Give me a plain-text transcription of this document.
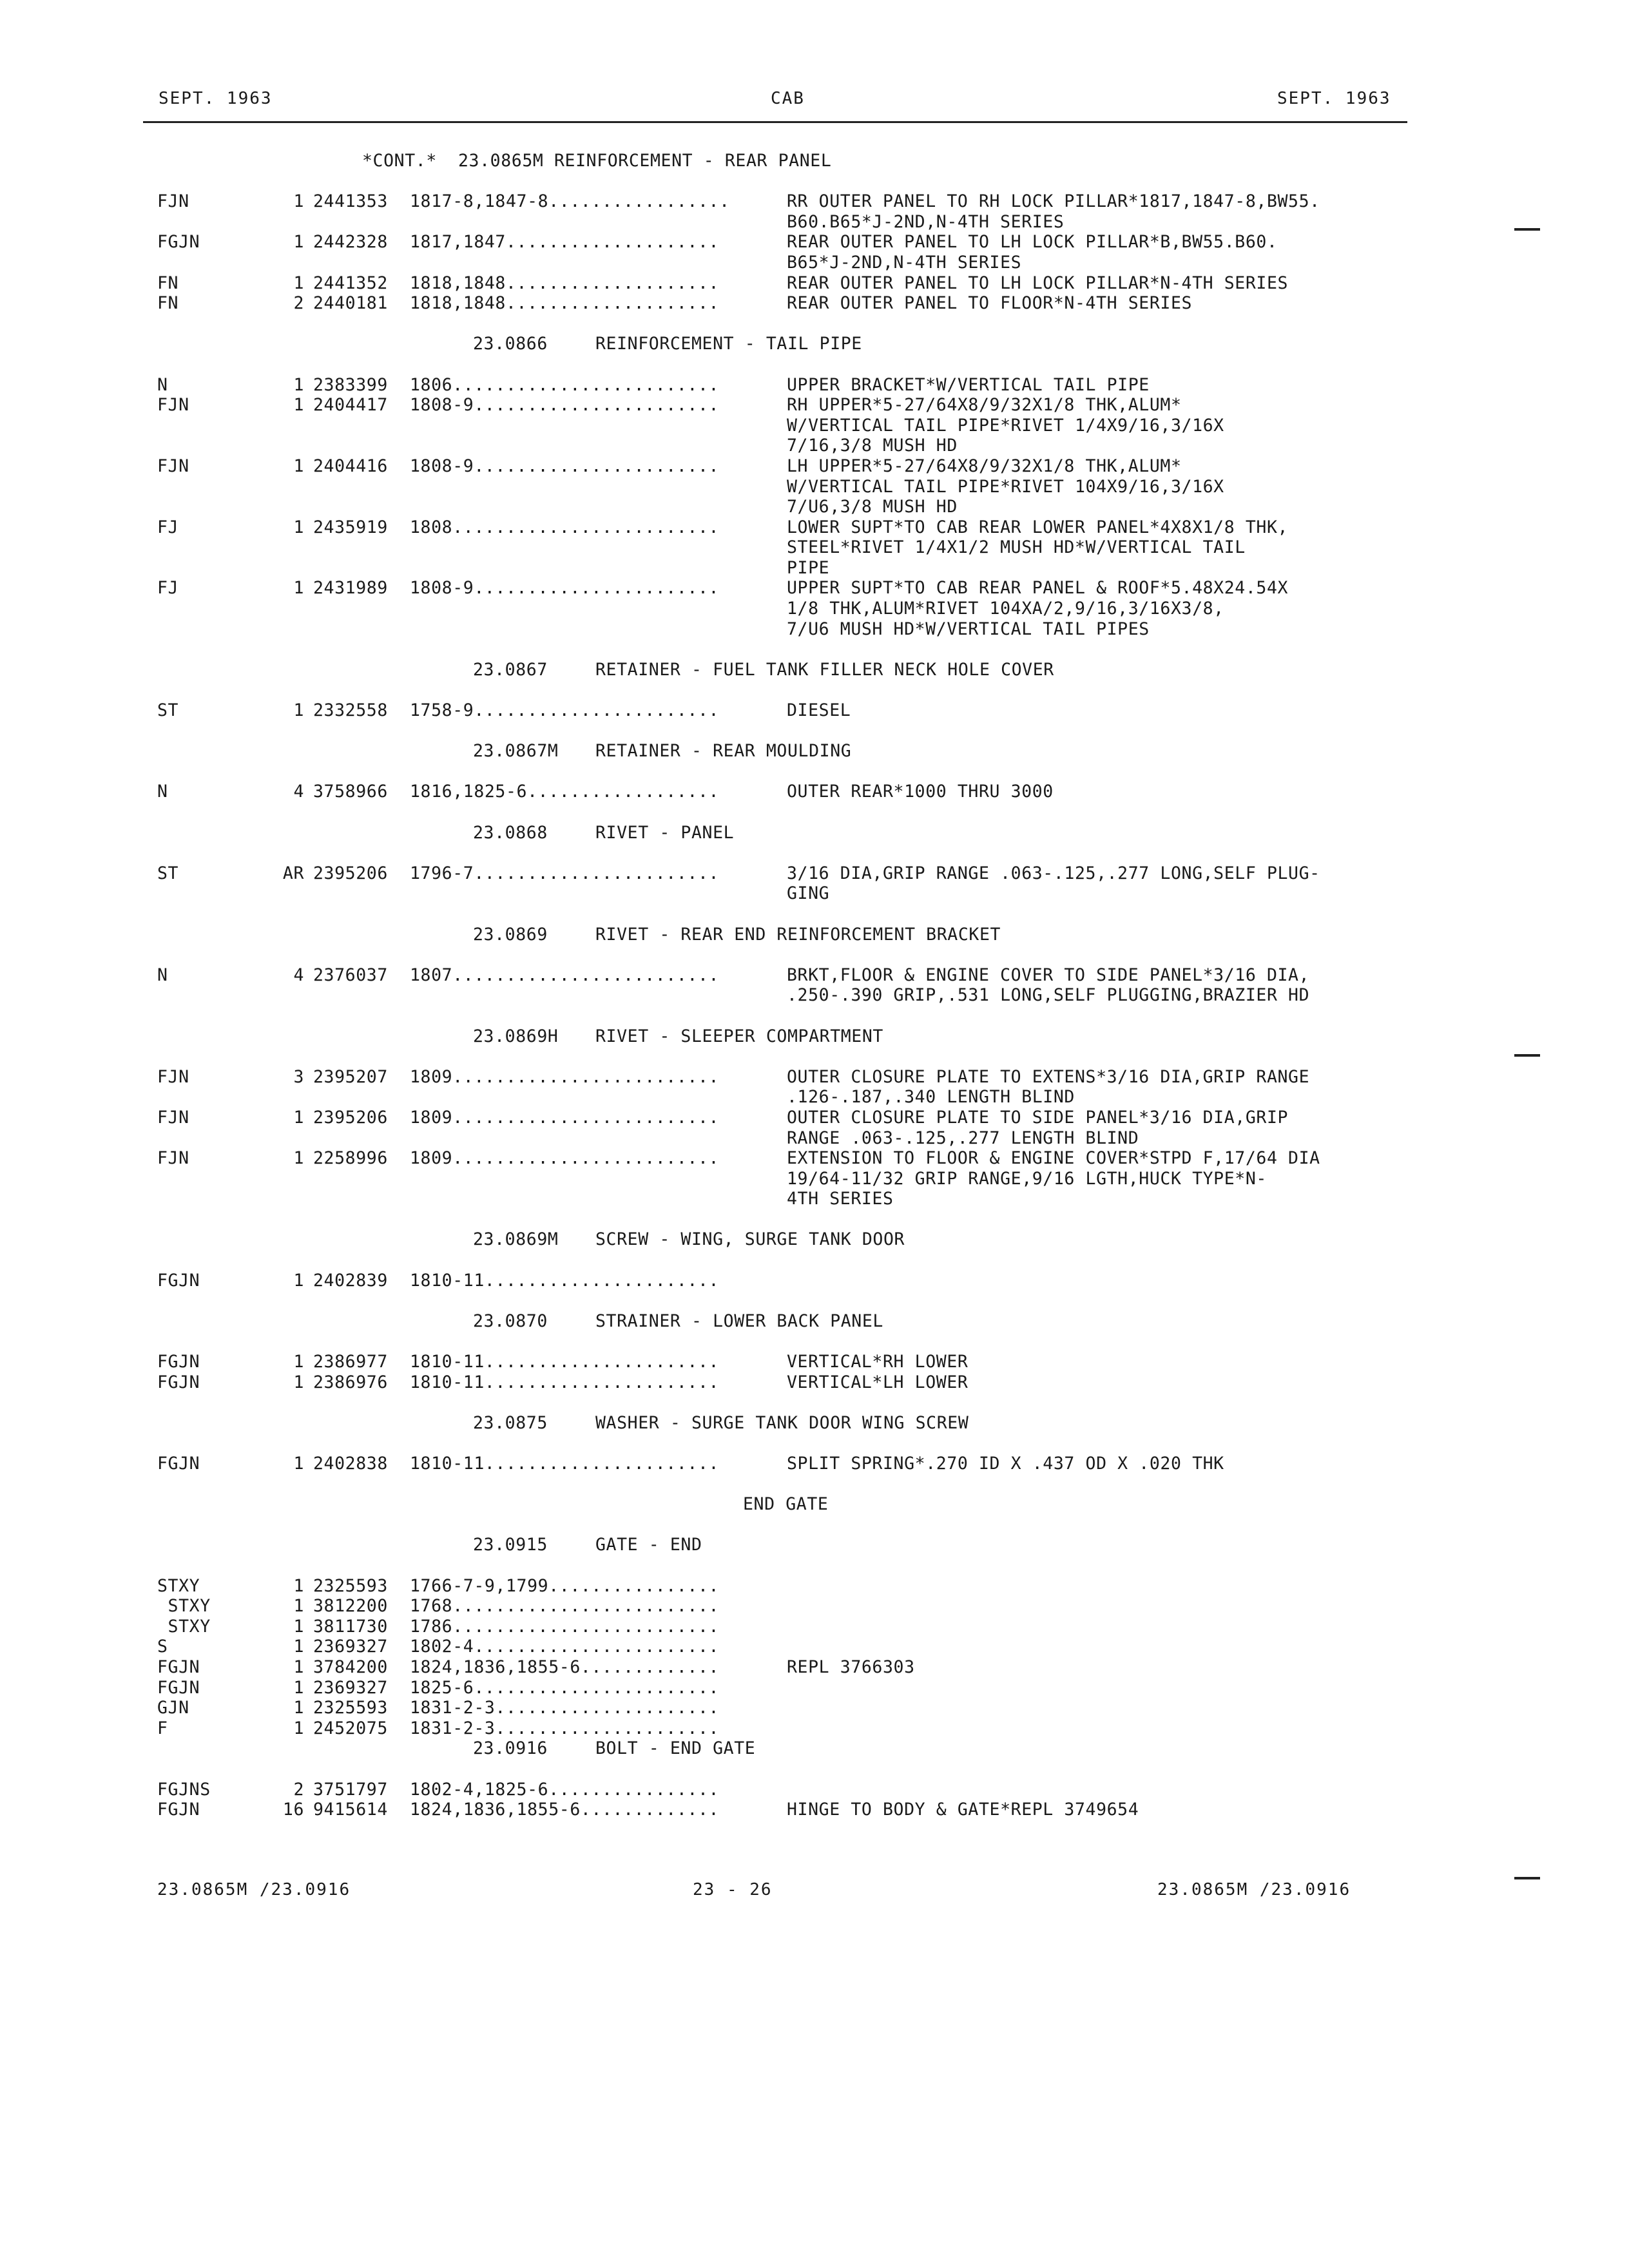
SEPT. 1963	CAB	SEPT. 1963
*CONT.*  23.0865M REINFORCEMENT - REAR PANEL
FJN	1 2441353 1817-8,1847-8.................	RR OUTER PANEL TO RH LOCK PILLAR*1817,1847-8,BW55.
B60.B65*J-2ND,N-4TH SERIES
FGJN	1 2442328 1817,1847....................	REAR OUTER PANEL TO LH LOCK PILLAR*B,BW55.B60.
B65*J-2ND,N-4TH SERIES
FN	1 2441352 1818,1848....................	REAR OUTER PANEL TO LH LOCK PILLAR*N-4TH SERIES
FN	2 2440181 1818,1848....................	REAR OUTER PANEL TO FLOOR*N-4TH SERIES
23.0866	REINFORCEMENT - TAIL PIPE
N	1 2383399 1806.........................	UPPER BRACKET*W/VERTICAL TAIL PIPE
FJN	1 2404417 1808-9.......................	RH UPPER*5-27/64X8/9/32X1/8 THK,ALUM*
W/VERTICAL TAIL PIPE*RIVET 1/4X9/16,3/16X
7/16,3/8 MUSH HD
FJN	1 2404416 1808-9.......................	LH UPPER*5-27/64X8/9/32X1/8 THK,ALUM*
W/VERTICAL TAIL PIPE*RIVET 104X9/16,3/16X
7/U6,3/8 MUSH HD
FJ	1 2435919 1808.........................	LOWER SUPT*TO CAB REAR LOWER PANEL*4X8X1/8 THK,
STEEL*RIVET 1/4X1/2 MUSH HD*W/VERTICAL TAIL
PIPE
FJ	1 2431989 1808-9.......................	UPPER SUPT*TO CAB REAR PANEL & ROOF*5.48X24.54X
1/8 THK,ALUM*RIVET 104XA/2,9/16,3/16X3/8,
7/U6 MUSH HD*W/VERTICAL TAIL PIPES
23.0867	RETAINER - FUEL TANK FILLER NECK HOLE COVER
ST	1 2332558 1758-9.......................	DIESEL
23.0867M RETAINER - REAR MOULDING
N	4 3758966 1816,1825-6..................	OUTER REAR*1000 THRU 3000
23.0868	RIVET - PANEL
ST	AR 2395206 1796-7.......................	3/16 DIA,GRIP RANGE .063-.125,.277 LONG,SELF PLUG-
GING
23.0869	RIVET - REAR END REINFORCEMENT BRACKET
N	4 2376037 1807.........................	BRKT,FLOOR & ENGINE COVER TO SIDE PANEL*3/16 DIA,
.250-.390 GRIP,.531 LONG,SELF PLUGGING,BRAZIER HD
23.0869H RIVET - SLEEPER COMPARTMENT
FJN	3 2395207 1809.........................	OUTER CLOSURE PLATE TO EXTENS*3/16 DIA,GRIP RANGE
.126-.187,.340 LENGTH BLIND
FJN	1 2395206 1809.........................	OUTER CLOSURE PLATE TO SIDE PANEL*3/16 DIA,GRIP
RANGE .063-.125,.277 LENGTH BLIND
FJN	1 2258996 1809.........................	EXTENSION TO FLOOR & ENGINE COVER*STPD F,17/64 DIA
19/64-11/32 GRIP RANGE,9/16 LGTH,HUCK TYPE*N-
4TH SERIES
23.0869M SCREW - WING, SURGE TANK DOOR
FGJN	1 2402839 1810-11......................
23.0870	STRAINER - LOWER BACK PANEL
FGJN	1 2386977 1810-11......................	VERTICAL*RH LOWER
FGJN	1 2386976 1810-11......................	VERTICAL*LH LOWER
23.0875	WASHER - SURGE TANK DOOR WING SCREW
FGJN	1 2402838 1810-11......................	SPLIT SPRING*.270 ID X .437 OD X .020 THK
END GATE
23.0915	GATE - END
STXY	1 2325593 1766-7-9,1799................
STXY	1 3812200 1768.........................
STXY	1 3811730 1786.........................
S	1 2369327 1802-4.......................
FGJN	1 3784200 1824,1836,1855-6.............	REPL 3766303
FGJN	1 2369327 1825-6.......................
GJN	1 2325593 1831-2-3.....................
F	1 2452075 1831-2-3.....................
23.0916	BOLT - END GATE
FGJNS	2 3751797 1802-4,1825-6................
FGJN	16 9415614 1824,1836,1855-6.............	HINGE TO BODY & GATE*REPL 3749654
23.0865M /23.0916	23 - 26	23.0865M /23.0916
